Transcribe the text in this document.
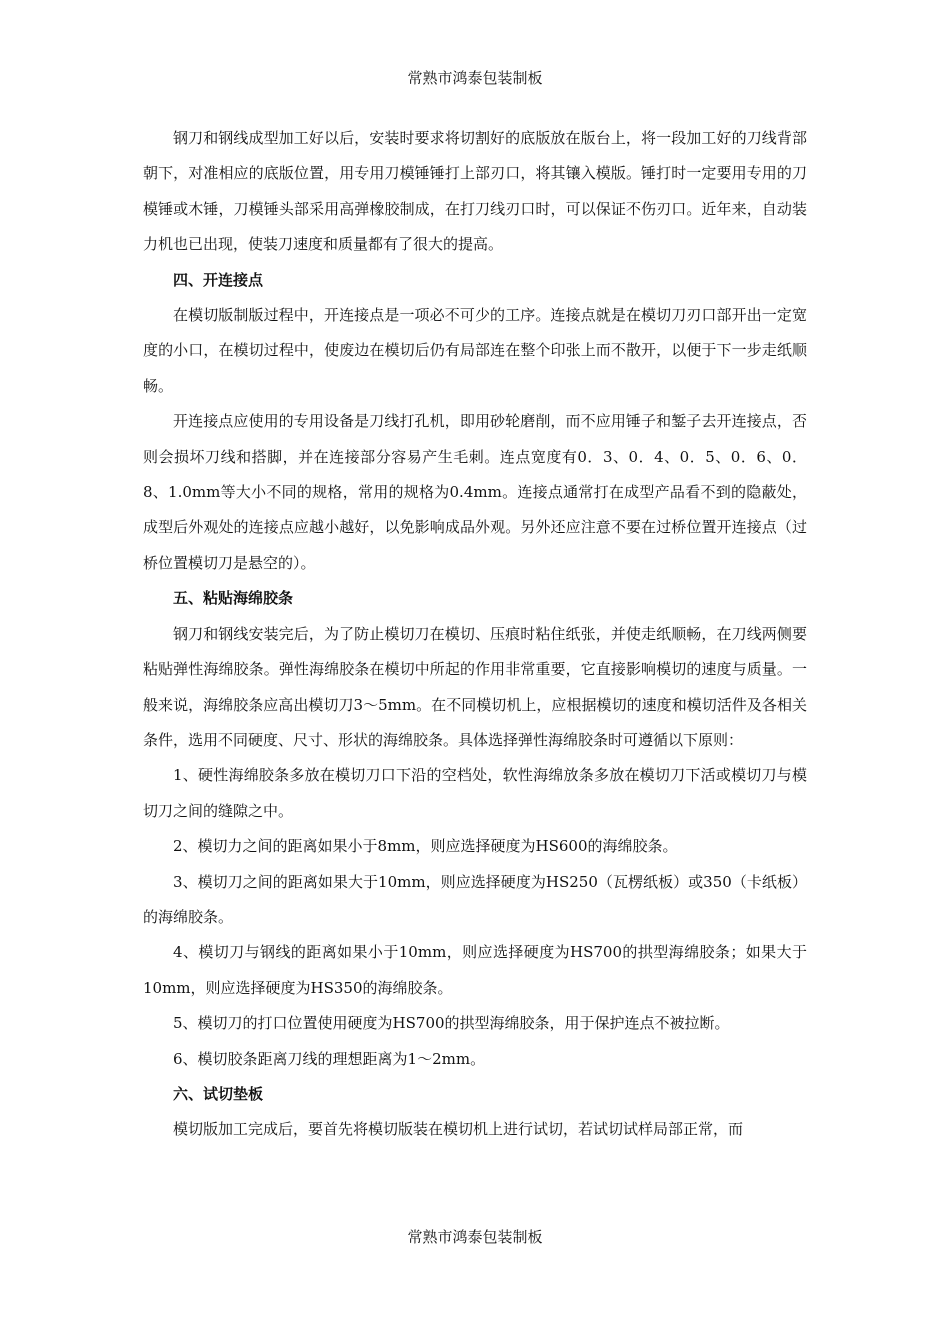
常熟市鸿泰包装制板

钢刀和钢线成型加工好以后，安装时要求将切割好的底版放在版台上，将一段加工好的刀线背部朝下，对准相应的底版位置，用专用刀模锤锤打上部刃口，将其镶入模版。锤打时一定要用专用的刀模锤或木锤，刀模锤头部采用高弹橡胶制成，在打刀线刃口时，可以保证不伤刃口。近年来，自动装力机也已出现，使装刀速度和质量都有了很大的提高。

四、开连接点

在模切版制版过程中，开连接点是一项必不可少的工序。连接点就是在模切刀刃口部开出一定宽度的小口，在模切过程中，使废边在模切后仍有局部连在整个印张上而不散开，以便于下一步走纸顺畅。

开连接点应使用的专用设备是刀线打孔机，即用砂轮磨削，而不应用锤子和錾子去开连接点，否则会损坏刀线和搭脚，并在连接部分容易产生毛刺。连点宽度有0．3、0．4、0．5、0．6、0．8、1.0mm等大小不同的规格，常用的规格为0.4mm。连接点通常打在成型产品看不到的隐蔽处，成型后外观处的连接点应越小越好，以免影响成品外观。另外还应注意不要在过桥位置开连接点（过桥位置模切刀是悬空的）。

五、粘贴海绵胶条

钢刀和钢线安装完后，为了防止模切刀在模切、压痕时粘住纸张，并使走纸顺畅，在刀线两侧要粘贴弹性海绵胶条。弹性海绵胶条在模切中所起的作用非常重要，它直接影响模切的速度与质量。一般来说，海绵胶条应高出模切刀3～5mm。在不同模切机上，应根据模切的速度和模切活件及各相关条件，选用不同硬度、尺寸、形状的海绵胶条。具体选择弹性海绵胶条时可遵循以下原则：

1、硬性海绵胶条多放在模切刀口下沿的空档处，软性海绵放条多放在模切刀下活或模切刀与模切刀之间的缝隙之中。

2、模切力之间的距离如果小于8mm，则应选择硬度为HS600的海绵胶条。

3、模切刀之间的距离如果大于10mm，则应选择硬度为HS250（瓦楞纸板）或350（卡纸板）的海绵胶条。

4、模切刀与钢线的距离如果小于10mm，则应选择硬度为HS700的拱型海绵胶条；如果大于10mm，则应选择硬度为HS350的海绵胶条。

5、模切刀的打口位置使用硬度为HS700的拱型海绵胶条，用于保护连点不被拉断。

6、模切胶条距离刀线的理想距离为1～2mm。

六、试切垫板

模切版加工完成后，要首先将模切版装在模切机上进行试切，若试切试样局部正常，而

常熟市鸿泰包装制板
